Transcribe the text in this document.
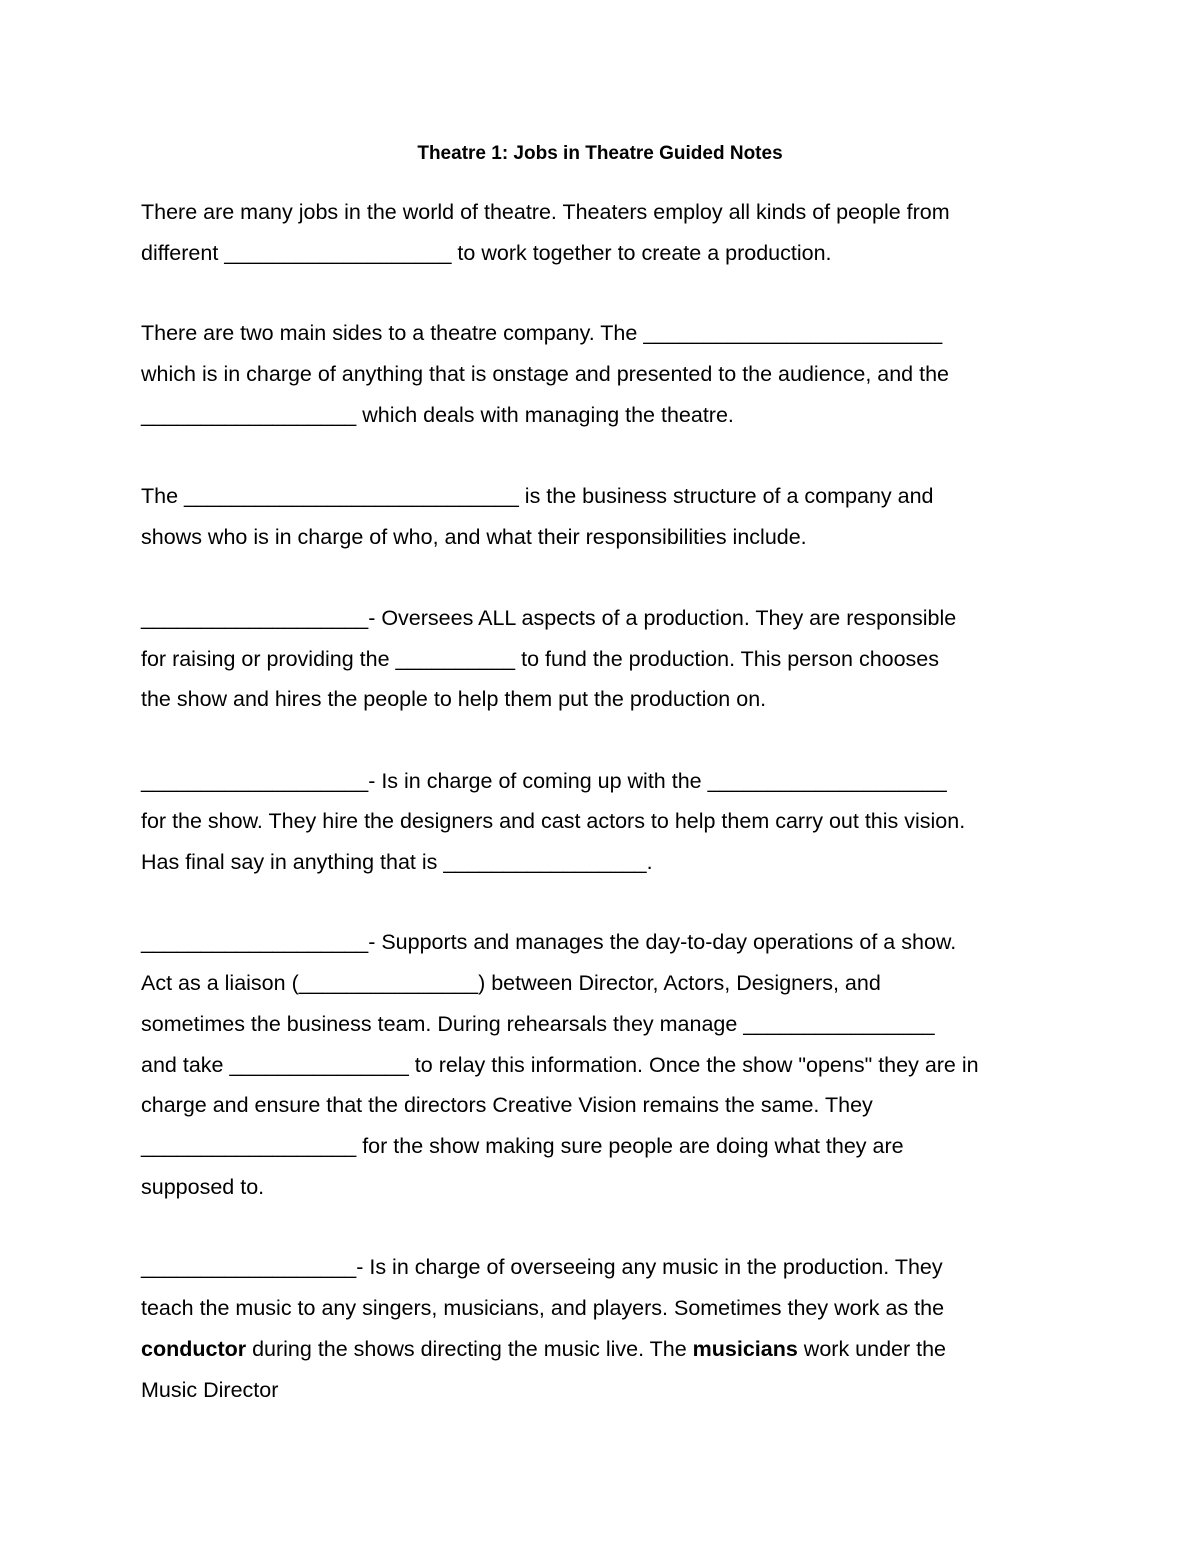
Theatre 1: Jobs in Theatre Guided Notes
There are many jobs in the world of theatre. Theaters employ all kinds of people from
different ___________________ to work together to create a production.
There are two main sides to a theatre company. The _________________________
which is in charge of anything that is onstage and presented to the audience, and the
__________________ which deals with managing the theatre.
The ____________________________ is the business structure of a company and
shows who is in charge of who, and what their responsibilities include.
___________________- Oversees ALL aspects of a production. They are responsible
for raising or providing the __________ to fund the production. This person chooses
the show and hires the people to help them put the production on.
___________________- Is in charge of coming up with the ____________________
for the show. They hire the designers and cast actors to help them carry out this vision.
Has final say in anything that is _________________.
___________________- Supports and manages the day-to-day operations of a show.
Act as a liaison (_______________) between Director, Actors, Designers, and
sometimes the business team. During rehearsals they manage ________________
and take _______________ to relay this information. Once the show "opens" they are in
charge and ensure that the directors Creative Vision remains the same. They
__________________ for the show making sure people are doing what they are
supposed to.
__________________- Is in charge of overseeing any music in the production. They
teach the music to any singers, musicians, and players. Sometimes they work as the
conductor during the shows directing the music live. The musicians work under the
Music Director
